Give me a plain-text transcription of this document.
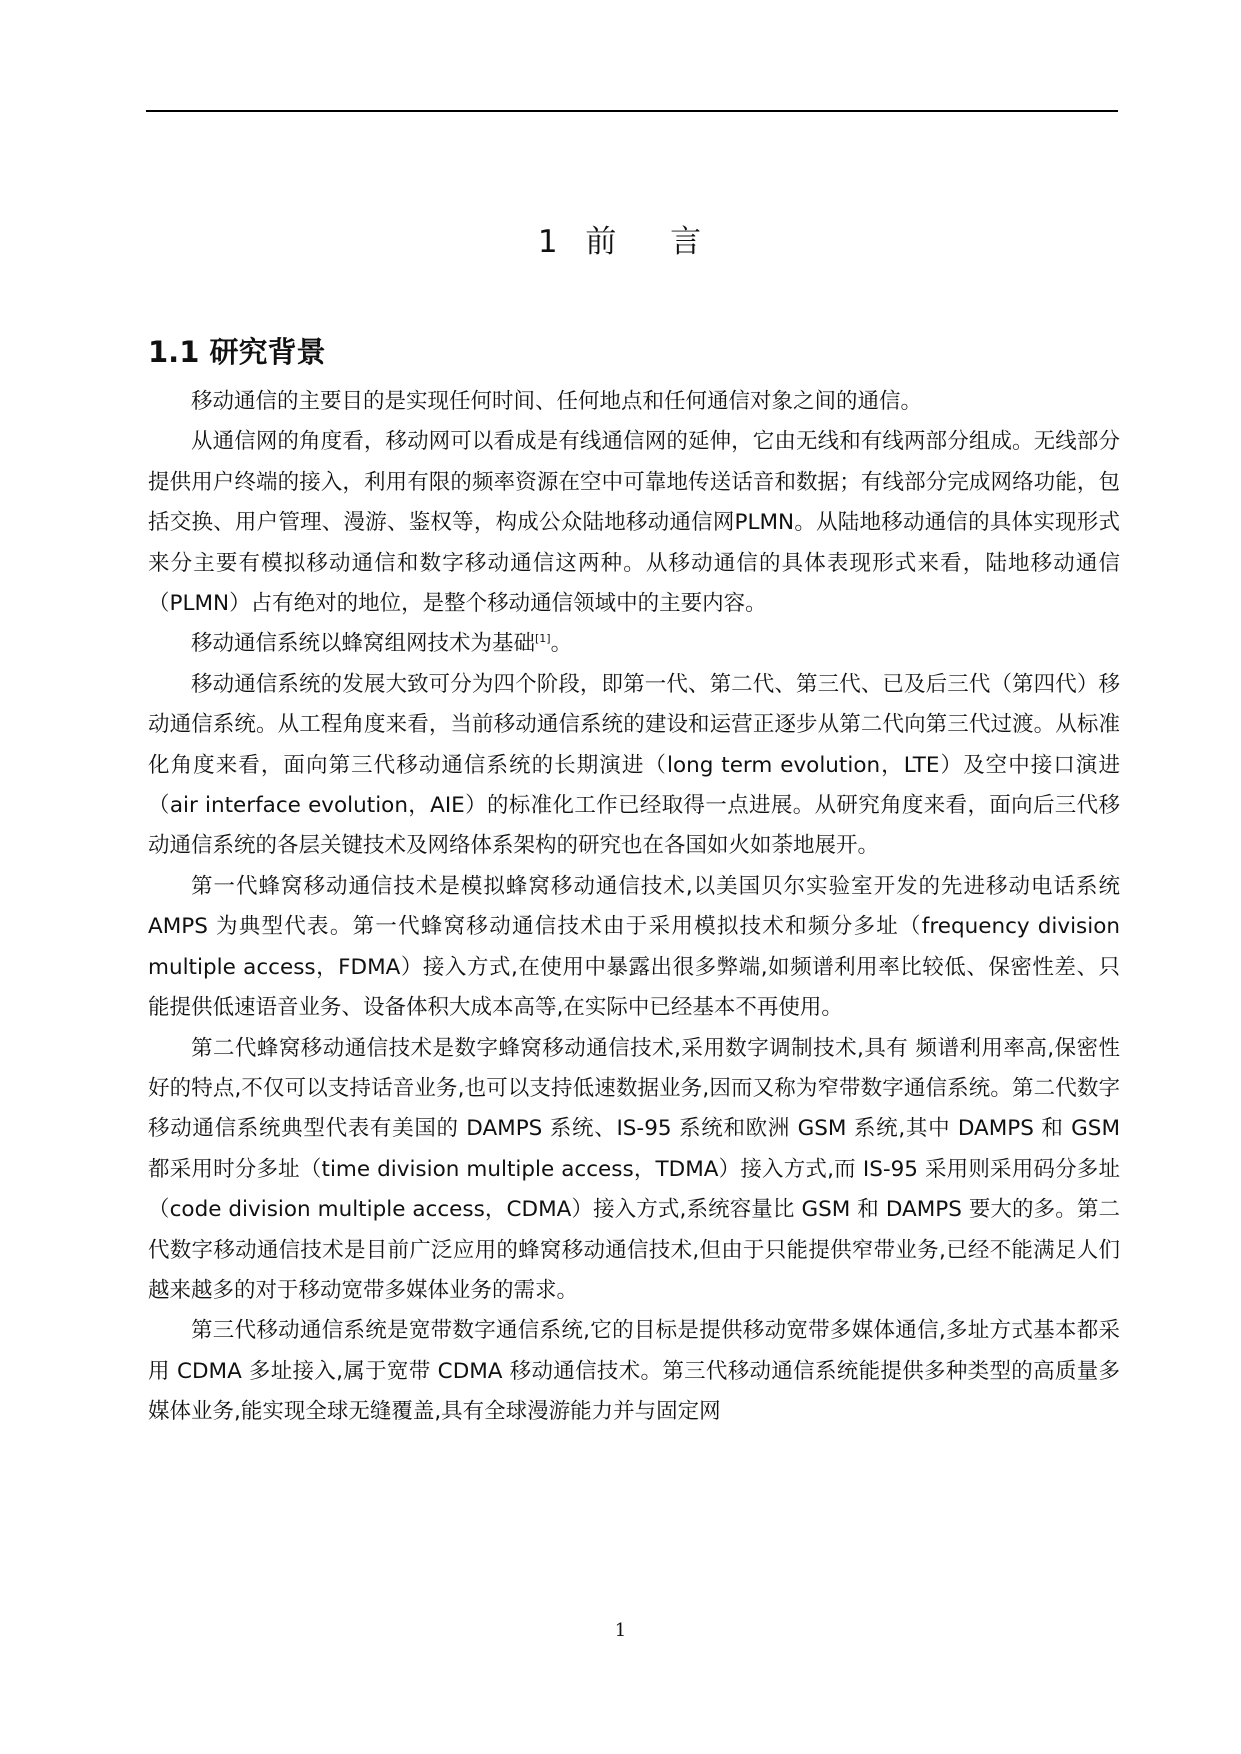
1 前  言
1.1 研究背景

移动通信的主要目的是实现任何时间、任何地点和任何通信对象之间的通信。

从通信网的角度看，移动网可以看成是有线通信网的延伸，它由无线和有线两部分组成。无线部分提供用户终端的接入，利用有限的频率资源在空中可靠地传送话音和数据；有线部分完成网络功能，包括交换、用户管理、漫游、鉴权等，构成公众陆地移动通信网PLMN。从陆地移动通信的具体实现形式来分主要有模拟移动通信和数字移动通信这两种。从移动通信的具体表现形式来看，陆地移动通信（PLMN）占有绝对的地位，是整个移动通信领域中的主要内容。

移动通信系统以蜂窝组网技术为基础[1]。

移动通信系统的发展大致可分为四个阶段，即第一代、第二代、第三代、已及后三代（第四代）移动通信系统。从工程角度来看，当前移动通信系统的建设和运营正逐步从第二代向第三代过渡。从标准化角度来看，面向第三代移动通信系统的长期演进（long term evolution，LTE）及空中接口演进（air interface evolution，AIE）的标准化工作已经取得一点进展。从研究角度来看，面向后三代移动通信系统的各层关键技术及网络体系架构的研究也在各国如火如荼地展开。

第一代蜂窝移动通信技术是模拟蜂窝移动通信技术,以美国贝尔实验室开发的先进移动电话系统 AMPS 为典型代表。第一代蜂窝移动通信技术由于采用模拟技术和频分多址（frequency division multiple access，FDMA）接入方式,在使用中暴露出很多弊端,如频谱利用率比较低、保密性差、只能提供低速语音业务、设备体积大成本高等,在实际中已经基本不再使用。

第二代蜂窝移动通信技术是数字蜂窝移动通信技术,采用数字调制技术,具有 频谱利用率高,保密性好的特点,不仅可以支持话音业务,也可以支持低速数据业务,因而又称为窄带数字通信系统。第二代数字移动通信系统典型代表有美国的 DAMPS 系统、IS-95 系统和欧洲 GSM 系统,其中 DAMPS 和 GSM 都采用时分多址（time division multiple access，TDMA）接入方式,而 IS-95 采用则采用码分多址（code division multiple access，CDMA）接入方式,系统容量比 GSM 和 DAMPS 要大的多。第二代数字移动通信技术是目前广泛应用的蜂窝移动通信技术,但由于只能提供窄带业务,已经不能满足人们越来越多的对于移动宽带多媒体业务的需求。

第三代移动通信系统是宽带数字通信系统,它的目标是提供移动宽带多媒体通信,多址方式基本都采用 CDMA 多址接入,属于宽带 CDMA 移动通信技术。第三代移动通信系统能提供多种类型的高质量多媒体业务,能实现全球无缝覆盖,具有全球漫游能力并与固定网

1
